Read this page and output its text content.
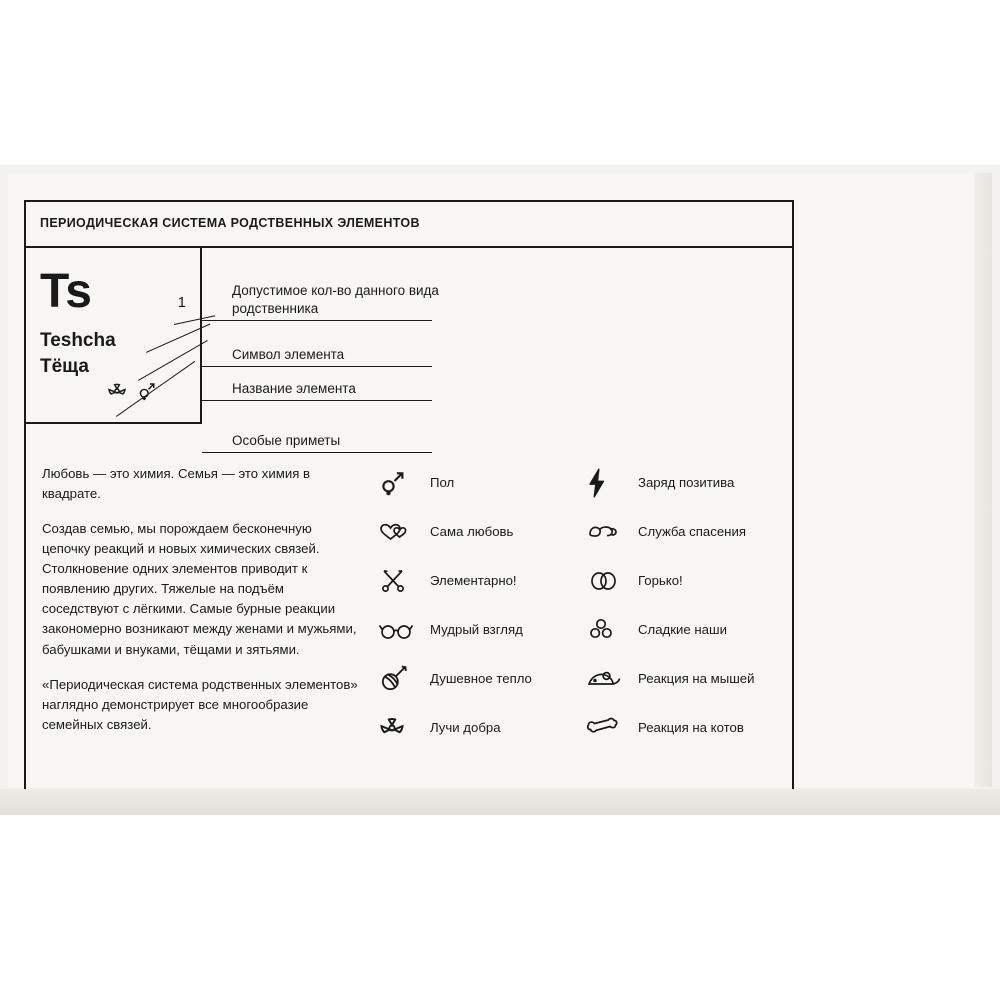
ПЕРИОДИЧЕСКАЯ СИСТЕМА РОДСТВЕННЫХ ЭЛЕМЕНТОВ
Ts	1
Teshcha
Тёща
Допустимое кол-во данного вида родственника
Символ элемента
Название элемента
Особые приметы

Любовь — это химия. Семья — это химия в квадрате.

Создав семью, мы порождаем бесконечную цепочку реакций и новых химических связей. Столкновение одних элементов приводит к появлению других. Тяжелые на подъём соседствуют с лёгкими. Самые бурные реакции закономерно возникают между женами и мужьями, бабушками и внуками, тёщами и зятьями.

«Периодическая система родственных элементов» наглядно демонстрирует все многообразие семейных связей.

Пол
Сама любовь
Элементарно!
Мудрый взгляд
Душевное тепло
Лучи добра
Заряд позитива
Служба спасения
Горько!
Сладкие наши
Реакция на мышей
Реакция на котов
